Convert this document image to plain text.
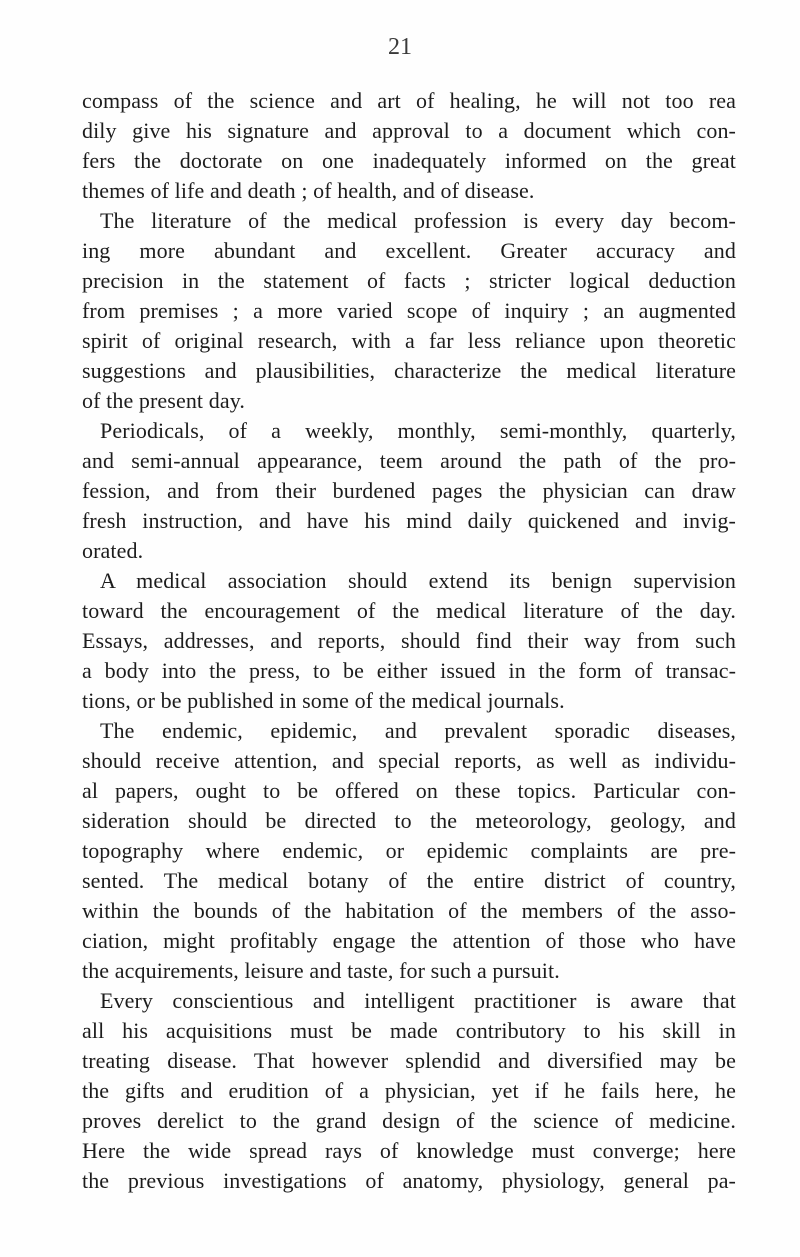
21
compass of the science and art of healing, he will not too rea
dily give his signature and approval to a document which con-
fers the doctorate on one inadequately informed on the great
themes of life and death ; of health, and of disease.
The literature of the medical profession is every day becom-
ing more abundant and excellent. Greater accuracy and
precision in the statement of facts ; stricter logical deduction
from premises ; a more varied scope of inquiry ; an augmented
spirit of original research, with a far less reliance upon theoretic
suggestions and plausibilities, characterize the medical literature
of the present day.
Periodicals, of a weekly, monthly, semi-monthly, quarterly,
and semi-annual appearance, teem around the path of the pro-
fession, and from their burdened pages the physician can draw
fresh instruction, and have his mind daily quickened and invig-
orated.
A medical association should extend its benign supervision
toward the encouragement of the medical literature of the day.
Essays, addresses, and reports, should find their way from such
a body into the press, to be either issued in the form of transac-
tions, or be published in some of the medical journals.
The endemic, epidemic, and prevalent sporadic diseases,
should receive attention, and special reports, as well as individu-
al papers, ought to be offered on these topics. Particular con-
sideration should be directed to the meteorology, geology, and
topography where endemic, or epidemic complaints are pre-
sented. The medical botany of the entire district of country,
within the bounds of the habitation of the members of the asso-
ciation, might profitably engage the attention of those who have
the acquirements, leisure and taste, for such a pursuit.
Every conscientious and intelligent practitioner is aware that
all his acquisitions must be made contributory to his skill in
treating disease. That however splendid and diversified may be
the gifts and erudition of a physician, yet if he fails here, he
proves derelict to the grand design of the science of medicine.
Here the wide spread rays of knowledge must converge; here
the previous investigations of anatomy, physiology, general pa-
